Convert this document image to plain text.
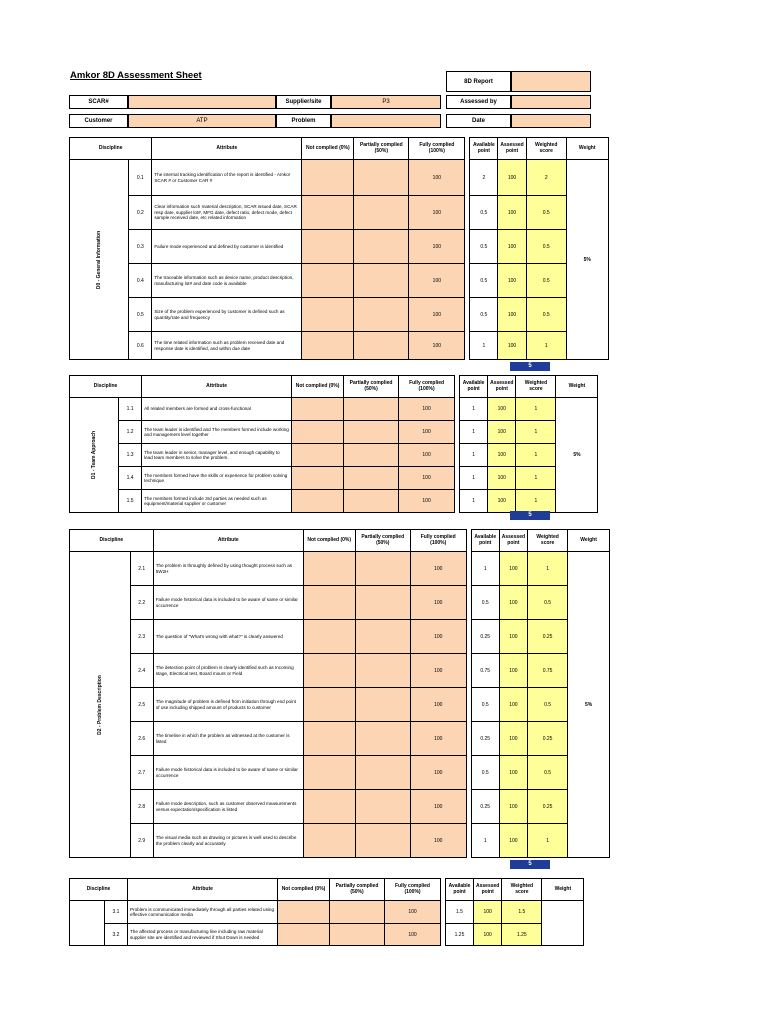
Amkor 8D Assessment Sheet
8D Report
SCAR#	Supplier/site	P3	Assessed by
Customer	ATP	Problem	Date
Discipline		Attribute	Not complied (0%)	Partially complied (50%)	Fully complied (100%)		Available point	Assessed point	Weighted score	Weight

D0 - General Information	0.1	The internal tracking identification of the report is identified - Amkor SCAR # or Customer CAR #			100		2	100	2	5%
	0.2	Clear information such material description, SCAR issued date, SCAR resp date, supplier lot#, MFG date, defect ratio, defect mode, defect sample received date, etc related information			100		0.5	100	0.5	
	0.3	Failure mode experienced and defined by customer is identified			100		0.5	100	0.5	
	0.4	The traceable information such as device name, product description, manufacturing lot# and date code is available			100		0.5	100	0.5	
	0.5	Size of the problem experienced by customer is defined such as quantity/rate and frequency			100		0.5	100	0.5	
	0.6	The time related information such as problem received date and response date is identified, and within due date			100		1	100	1	
5
Discipline		Attribute	Not complied (0%)	Partially complied (50%)	Fully complied (100%)		Available point	Assessed point	Weighted score	Weight

D1 - Team Approach	1.1	All related members are formed and cross-functional			100		1	100	1	5%
	1.2	The team leader is identified and The members formed include working and management level together			100		1	100	1	
	1.3	The team leader in senior, manager level, and enough capability to lead team members to solve the problem.			100		1	100	1	
	1.4	The members formed have the skills or experience for problem solving technique			100		1	100	1	
	1.5	The members formed include 3rd parties as needed such as equipment/material supplier or customer			100		1	100	1	
5
Discipline		Attribute	Not complied (0%)	Partially complied (50%)	Fully complied (100%)		Available point	Assessed point	Weighted score	Weight

D2 - Problem Description	2.1	The problem is throughly defined by using thought process such as 5W2H			100		1	100	1	5%
	2.2	Failure mode historical data is included to be aware of same or similar occurrence			100		0.5	100	0.5	
	2.3	The question of "What's wrong with what?" is clearly answered			100		0.25	100	0.25	
	2.4	The detection point of problem is clearly identified such as Incoming stage, Electrical test, Board mount or Field			100		0.75	100	0.75	
	2.5	The magnitude of problem is defined from initiation through end point of use including shipped amount of products to customer			100		0.5	100	0.5	
	2.6	The timeline in which the problem as witnessed at the customer is listed			100		0.25	100	0.25	
	2.7	Failure mode historical data is included to be aware of same or similar occurrence			100		0.5	100	0.5	
	2.8	Failure mode description, such as customer observed measurements versus expectation/specification is listed			100		0.25	100	0.25	
	2.9	The visual media such as drawing or pictures is well used to describe the problem clearly and accurately			100		1	100	1	
5
Discipline		Attribute	Not complied (0%)	Partially complied (50%)	Fully complied (100%)		Available point	Assessed point	Weighted score	Weight

	3.1	Problem is communicated immediately through all parties related using effective communication media			100		1.5	100	1.5	
	3.2	The affected process or manufacturing line including raw material supplier site are identified and reviewed if Shut Down is needed			100		1.25	100	1.25	
